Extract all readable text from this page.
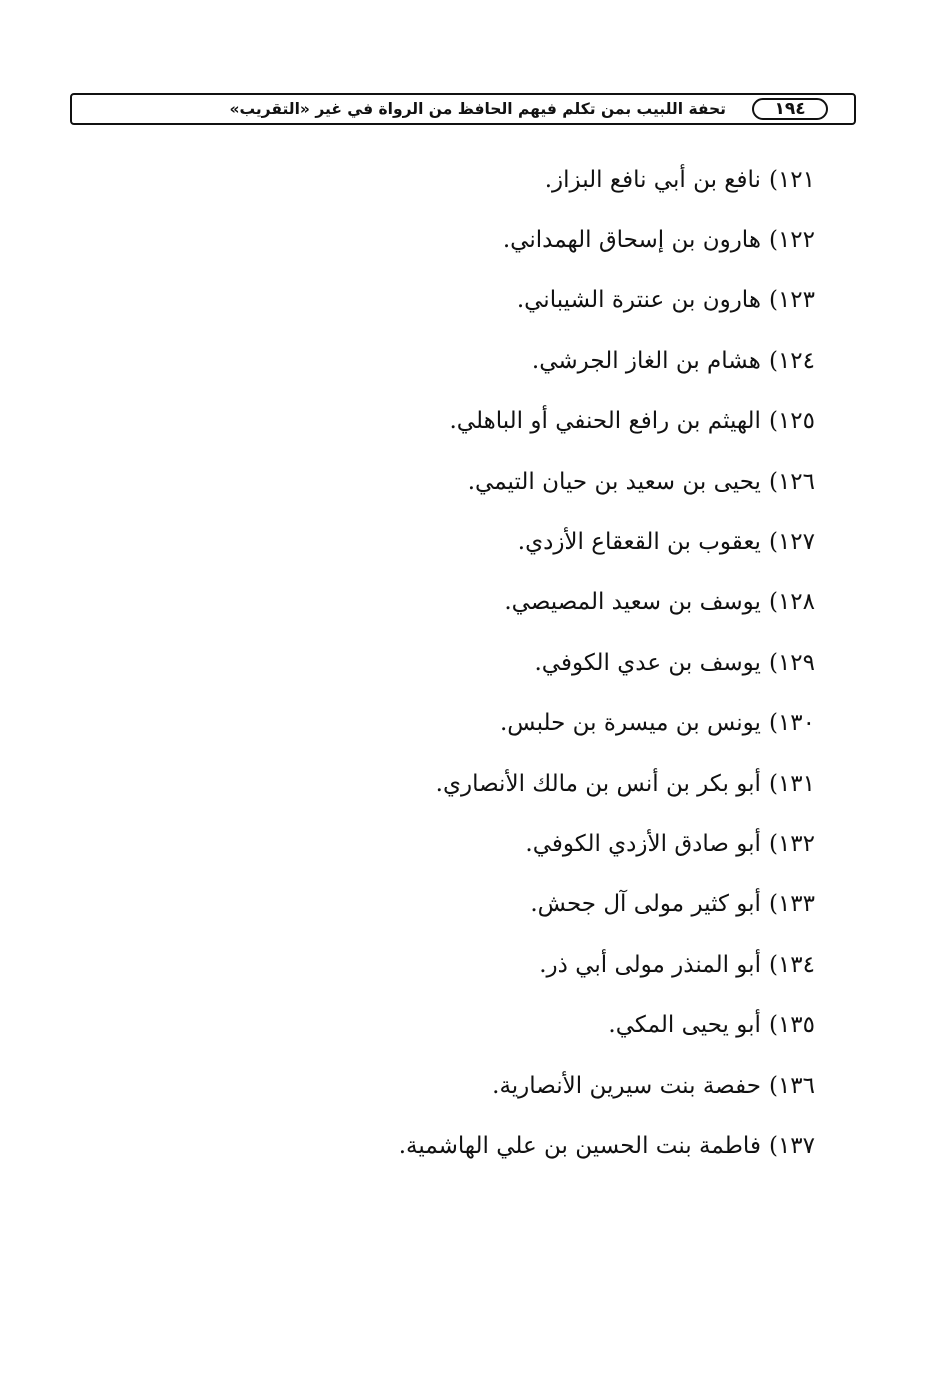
١٩٤
تحفة اللبيب بمن تكلم فيهم الحافظ من الرواة في غير «التقريب»
١٢١)
نافع بن أبي نافع البزاز.
١٢٢)
هارون بن إسحاق الهمداني.
١٢٣)
هارون بن عنترة الشيباني.
١٢٤)
هشام بن الغاز الجرشي.
١٢٥)
الهيثم بن رافع الحنفي أو الباهلي.
١٢٦)
يحيى بن سعيد بن حيان التيمي.
١٢٧)
يعقوب بن القعقاع الأزدي.
١٢٨)
يوسف بن سعيد المصيصي.
١٢٩)
يوسف بن عدي الكوفي.
١٣٠)
يونس بن ميسرة بن حلبس.
١٣١)
أبو بكر بن أنس بن مالك الأنصاري.
١٣٢)
أبو صادق الأزدي الكوفي.
١٣٣)
أبو كثير مولى آل جحش.
١٣٤)
أبو المنذر مولى أبي ذر.
١٣٥)
أبو يحيى المكي.
١٣٦)
حفصة بنت سيرين الأنصارية.
١٣٧)
فاطمة بنت الحسين بن علي الهاشمية.
